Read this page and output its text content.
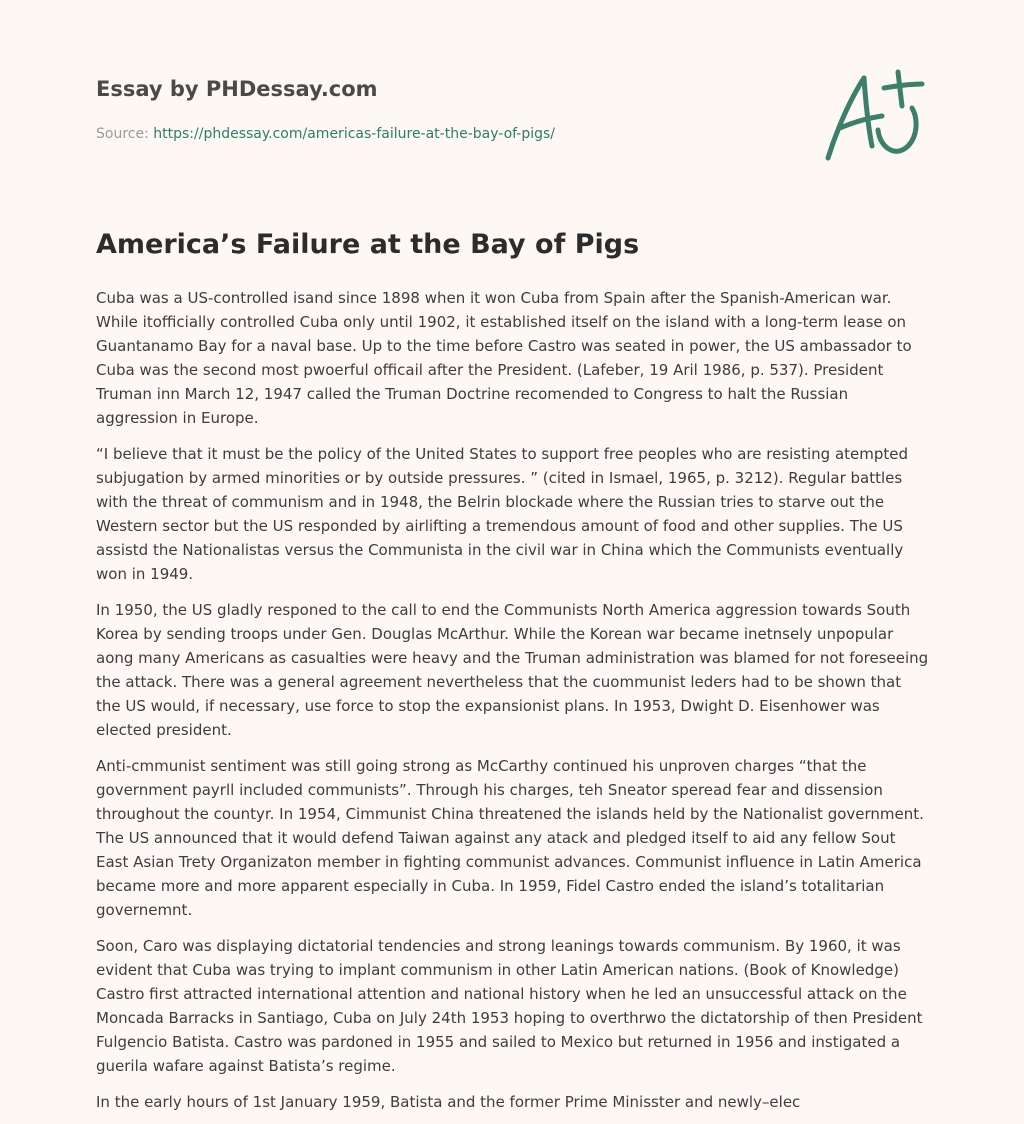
Essay by PHDessay.com
Source: https://phdessay.com/americas-failure-at-the-bay-of-pigs/
America’s Failure at the Bay of Pigs

Cuba was a US-controlled isand since 1898 when it won Cuba from Spain after the Spanish-American war. While itofficially controlled Cuba only until 1902, it established itself on the island with a long-term lease on Guantanamo Bay for a naval base. Up to the time before Castro was seated in power, the US ambassador to Cuba was the second most pwoerful officail after the President. (Lafeber, 19 Aril 1986, p. 537). President Truman inn March 12, 1947 called the Truman Doctrine recomended to Congress to halt the Russian aggression in Europe.

“I believe that it must be the policy of the United States to support free peoples who are resisting atempted subjugation by armed minorities or by outside pressures. ” (cited in Ismael, 1965, p. 3212). Regular battles with the threat of communism and in 1948, the Belrin blockade where the Russian tries to starve out the Western sector but the US responded by airlifting a tremendous amount of food and other supplies. The US assistd the Nationalistas versus the Communista in the civil war in China which the Communists eventually won in 1949.

In 1950, the US gladly responed to the call to end the Communists North America aggression towards South Korea by sending troops under Gen. Douglas McArthur. While the Korean war became inetnsely unpopular aong many Americans as casualties were heavy and the Truman administration was blamed for not foreseeing the attack. There was a general agreement nevertheless that the cuommunist leders had to be shown that the US would, if necessary, use force to stop the expansionist plans. In 1953, Dwight D. Eisenhower was elected president.

Anti-cmmunist sentiment was still going strong as McCarthy continued his unproven charges “that the government payrll included communists”. Through his charges, teh Sneator speread fear and dissension throughout the countyr. In 1954, Cimmunist China threatened the islands held by the Nationalist government. The US announced that it would defend Taiwan against any atack and pledged itself to aid any fellow Sout East Asian Trety Organizaton member in fighting communist advances. Communist influence in Latin America became more and more apparent especially in Cuba. In 1959, Fidel Castro ended the island’s totalitarian governemnt.

Soon, Caro was displaying dictatorial tendencies and strong leanings towards communism. By 1960, it was evident that Cuba was trying to implant communism in other Latin American nations. (Book of Knowledge) Castro first attracted international attention and national history when he led an unsuccessful attack on the Moncada Barracks in Santiago, Cuba on July 24th 1953 hoping to overthrwo the dictatorship of then President Fulgencio Batista. Castro was pardoned in 1955 and sailed to Mexico but returned in 1956 and instigated a guerila wafare against Batista’s regime.

In the early hours of 1st January 1959, Batista and the former Prime Minisster and newly–elec
